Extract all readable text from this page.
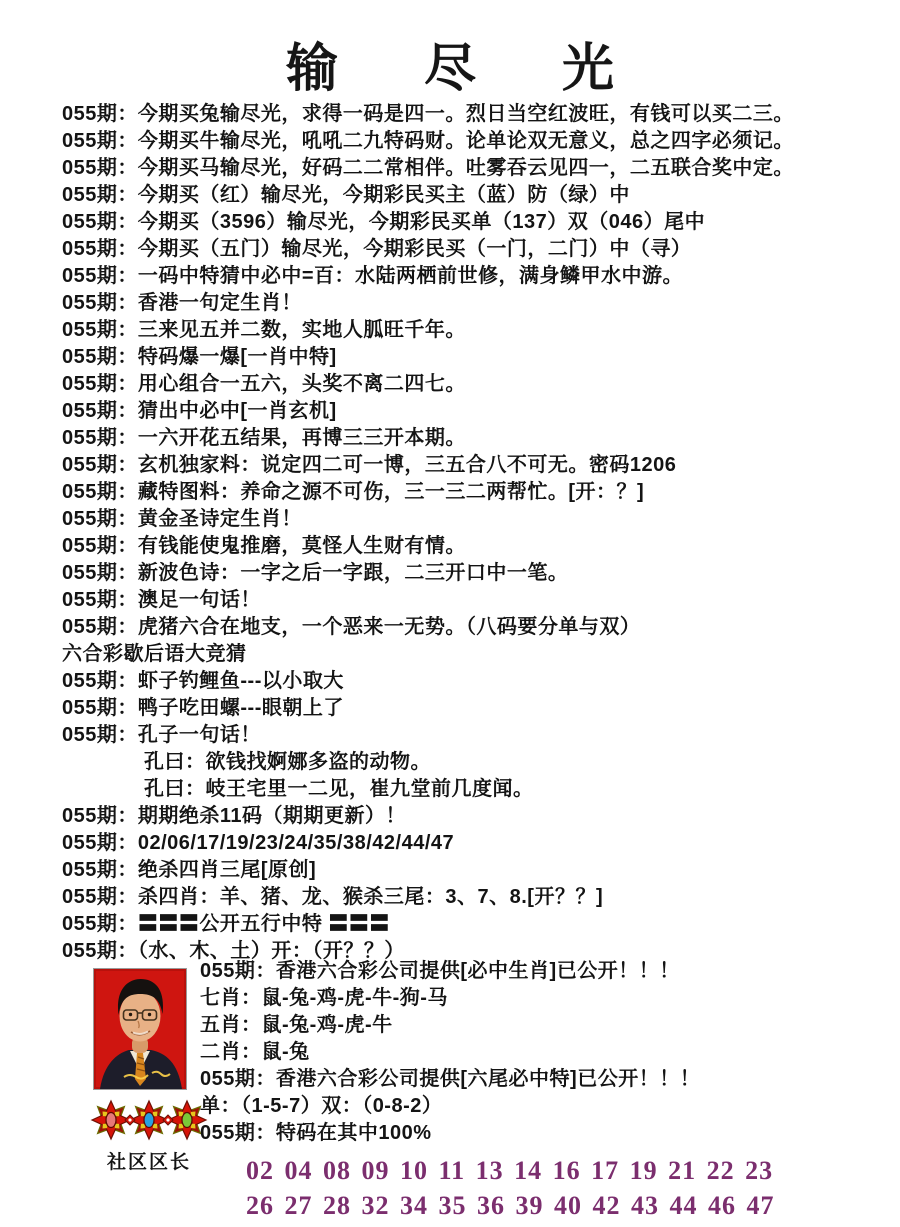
输尽光
055期：今期买兔输尽光，求得一码是四一。烈日当空红波旺，有钱可以买二三。
055期：今期买牛输尽光，吼吼二九特码财。论单论双无意义，总之四字必须记。
055期：今期买马输尽光，好码二二常相伴。吐雾吞云见四一，二五联合奖中定。
055期：今期买（红）输尽光，今期彩民买主（蓝）防（绿）中
055期：今期买（3596）输尽光，今期彩民买单（137）双（046）尾中
055期：今期买（五门）输尽光，今期彩民买（一门，二门）中（寻）
055期：一码中特猜中必中=百：水陆两栖前世修，满身鳞甲水中游。
055期：香港一句定生肖！
055期：三来见五并二数，实地人胍旺千年。
055期：特码爆一爆[一肖中特]
055期：用心组合一五六，头奖不离二四七。
055期：猜出中必中[一肖玄机]
055期：一六开花五结果，再博三三开本期。
055期：玄机独家料：说定四二可一博，三五合八不可无。密码1206
055期：藏特图料：养命之源不可伤，三一三二两帮忙。[开：？]
055期：黄金圣诗定生肖！
055期：有钱能使鬼推磨，莫怪人生财有情。
055期：新波色诗：一字之后一字跟，二三开口中一笔。
055期：澳足一句话！
055期：虎猪六合在地支，一个恶来一无势。（八码要分单与双）
六合彩歇后语大竞猜
055期：虾子钓鲤鱼---以小取大
055期：鸭子吃田螺---眼朝上了
055期：孔子一句话！
　　　　孔曰：欲钱找婀娜多盗的动物。
　　　　孔曰：岐王宅里一二见，崔九堂前几度闻。
055期：期期绝杀11码（期期更新）！
055期：02/06/17/19/23/24/35/38/42/44/47
055期：绝杀四肖三尾[原创]
055期：杀四肖：羊、猪、龙、猴杀三尾：3、7、8.[开？？]
055期：〓〓〓公开五行中特 〓〓〓
055期：（水、木、土）开：（开？？）
社区区长
055期：香港六合彩公司提供[必中生肖]已公开！！！
七肖：鼠-兔-鸡-虎-牛-狗-马
五肖：鼠-兔-鸡-虎-牛
二肖：鼠-兔
055期：香港六合彩公司提供[六尾必中特]已公开！！！
单：（1-5-7）双：（0-8-2）
055期：特码在其中100%
02 04 08 09 10 11 13 14 16 17 19 21 22 23
26 27 28 32 34 35 36 39 40 42 43 44 46 47
